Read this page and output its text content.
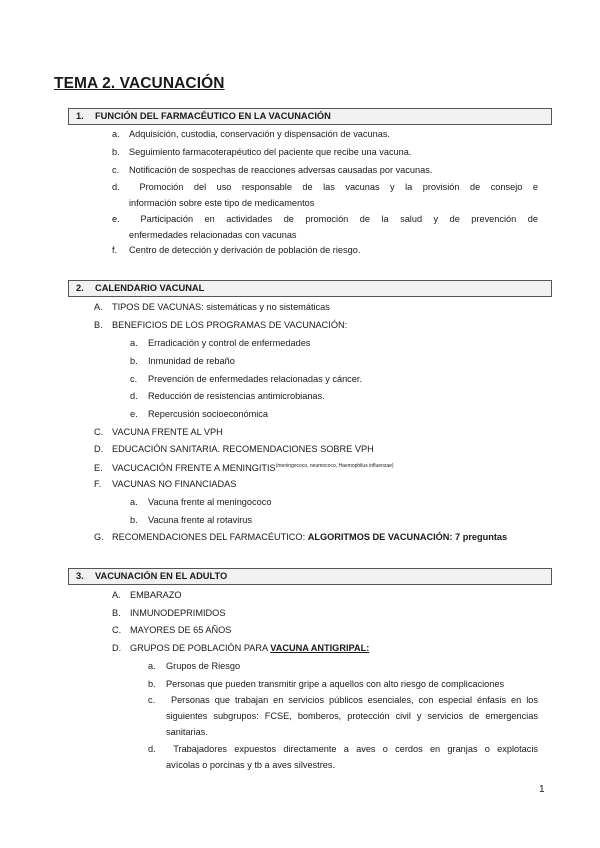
TEMA 2. VACUNACIÓN
1. FUNCIÓN DEL FARMACÉUTICO EN LA VACUNACIÓN
a. Adquisición, custodia, conservación y dispensación de vacunas.
b. Seguimiento farmacoterapéutico del paciente que recibe una vacuna.
c. Notificación de sospechas de reacciones adversas causadas por vacunas.
d.	Promoción del uso responsable de las vacunas y la provisión de consejo e
información sobre este tipo de medicamentos
e.	Participación en actividades de promoción de la salud y de prevención de
enfermedades relacionadas con vacunas
f. Centro de detección y derivación de población de riesgo.
2. CALENDARIO VACUNAL
A. TIPOS DE VACUNAS: sistemáticas y no sistemáticas
B. BENEFICIOS DE LOS PROGRAMAS DE VACUNACIÓN:
a. Erradicación y control de enfermedades
b. Inmunidad de rebaño
c. Prevención de enfermedades relacionadas y cáncer.
d. Reducción de resistencias antimicrobianas.
e. Repercusión socioeconómica
C. VACUNA FRENTE AL VPH
D. EDUCACIÓN SANITARIA. RECOMENDACIONES SOBRE VPH
E. VACUCACIÓN FRENTE A $MENINGITIS^{(meningococo, neumococo, Haemophilus influenzae)}$
F. VACUNAS NO FINANCIADAS
a. Vacuna frente al meningococo
b. Vacuna frente al rotavirus
G. RECOMENDACIONES DEL FARMACÉUTICO: ALGORITMOS DE VACUNACIÓN: 7 preguntas
3. VACUNACIÓN EN EL ADULTO
A. EMBARAZO
B. INMUNODEPRIMIDOS
C. MAYORES DE 65 AÑOS
D. GRUPOS DE POBLACIÓN PARA VACUNA ANTIGRIPAL:
a. Grupos de Riesgo
b. Personas que pueden transmitir gripe a aquellos con alto riesgo de complicaciones
c.	Personas que trabajan en servicios públicos esenciales, con especial énfasis en los
siguientes subgrupos: FCSE, bomberos, protección civil y servicios de emergencias
sanitarias.
d.	Trabajadores expuestos directamente a aves o cerdos en granjas o explotacis
avícolas o porcinas y tb a aves silvestres.
1
